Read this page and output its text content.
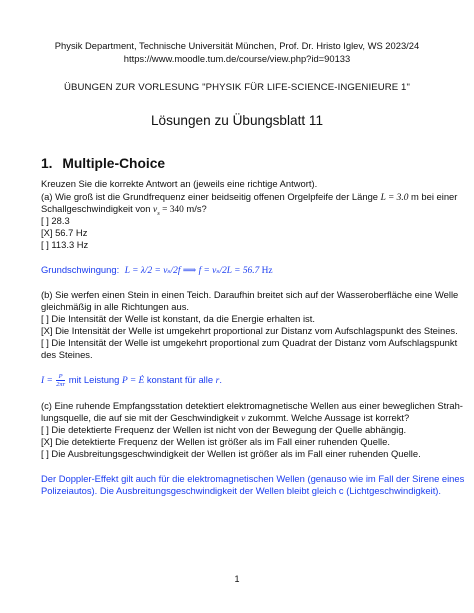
Physik Department, Technische Universität München, Prof. Dr. Hristo Iglev, WS 2023/24
https://www.moodle.tum.de/course/view.php?id=90133
ÜBUNGEN ZUR VORLESUNG "PHYSIK FÜR LIFE-SCIENCE-INGENIEURE 1"
Lösungen zu Übungsblatt 11
1. Multiple-Choice
Kreuzen Sie die korrekte Antwort an (jeweils eine richtige Antwort).
(a) Wie groß ist die Grundfrequenz einer beidseitig offenen Orgelpfeife der Länge L = 3.0 m bei einer
Schallgeschwindigkeit von $v_s = 340$ m/s?
[ ] 28.3
[X] 56.7 Hz
[ ] 113.3 Hz
Grundschwingung: L = λ/2 = vₛ/2f ⟹ f = vₛ/2L = 56.7 Hz
(b) Sie werfen einen Stein in einen Teich. Daraufhin breitet sich auf der Wasseroberfläche eine Welle
gleichmäßig in alle Richtungen aus.
[ ] Die Intensität der Welle ist konstant, da die Energie erhalten ist.
[X] Die Intensität der Welle ist umgekehrt proportional zur Distanz vom Aufschlagspunkt des Steines.
[ ] Die Intensität der Welle ist umgekehrt proportional zum Quadrat der Distanz vom Aufschlagspunkt
des Steines.
$I = \frac{P}{2\pi r}$ mit Leistung P = Ė konstant für alle r.
(c) Eine ruhende Empfangsstation detektiert elektromagnetische Wellen aus einer beweglichen Strah-
lungsquelle, die auf sie mit der Geschwindigkeit v zukommt. Welche Aussage ist korrekt?
[ ] Die detektierte Frequenz der Wellen ist nicht von der Bewegung der Quelle abhängig.
[X] Die detektierte Frequenz der Wellen ist größer als im Fall einer ruhenden Quelle.
[ ] Die Ausbreitungsgeschwindigkeit der Wellen ist größer als im Fall einer ruhenden Quelle.
Der Doppler-Effekt gilt auch für die elektromagnetischen Wellen (genauso wie im Fall der Sirene eines
Polizeiautos). Die Ausbreitungsgeschwindigkeit der Wellen bleibt gleich c (Lichtgeschwindigkeit).
1
